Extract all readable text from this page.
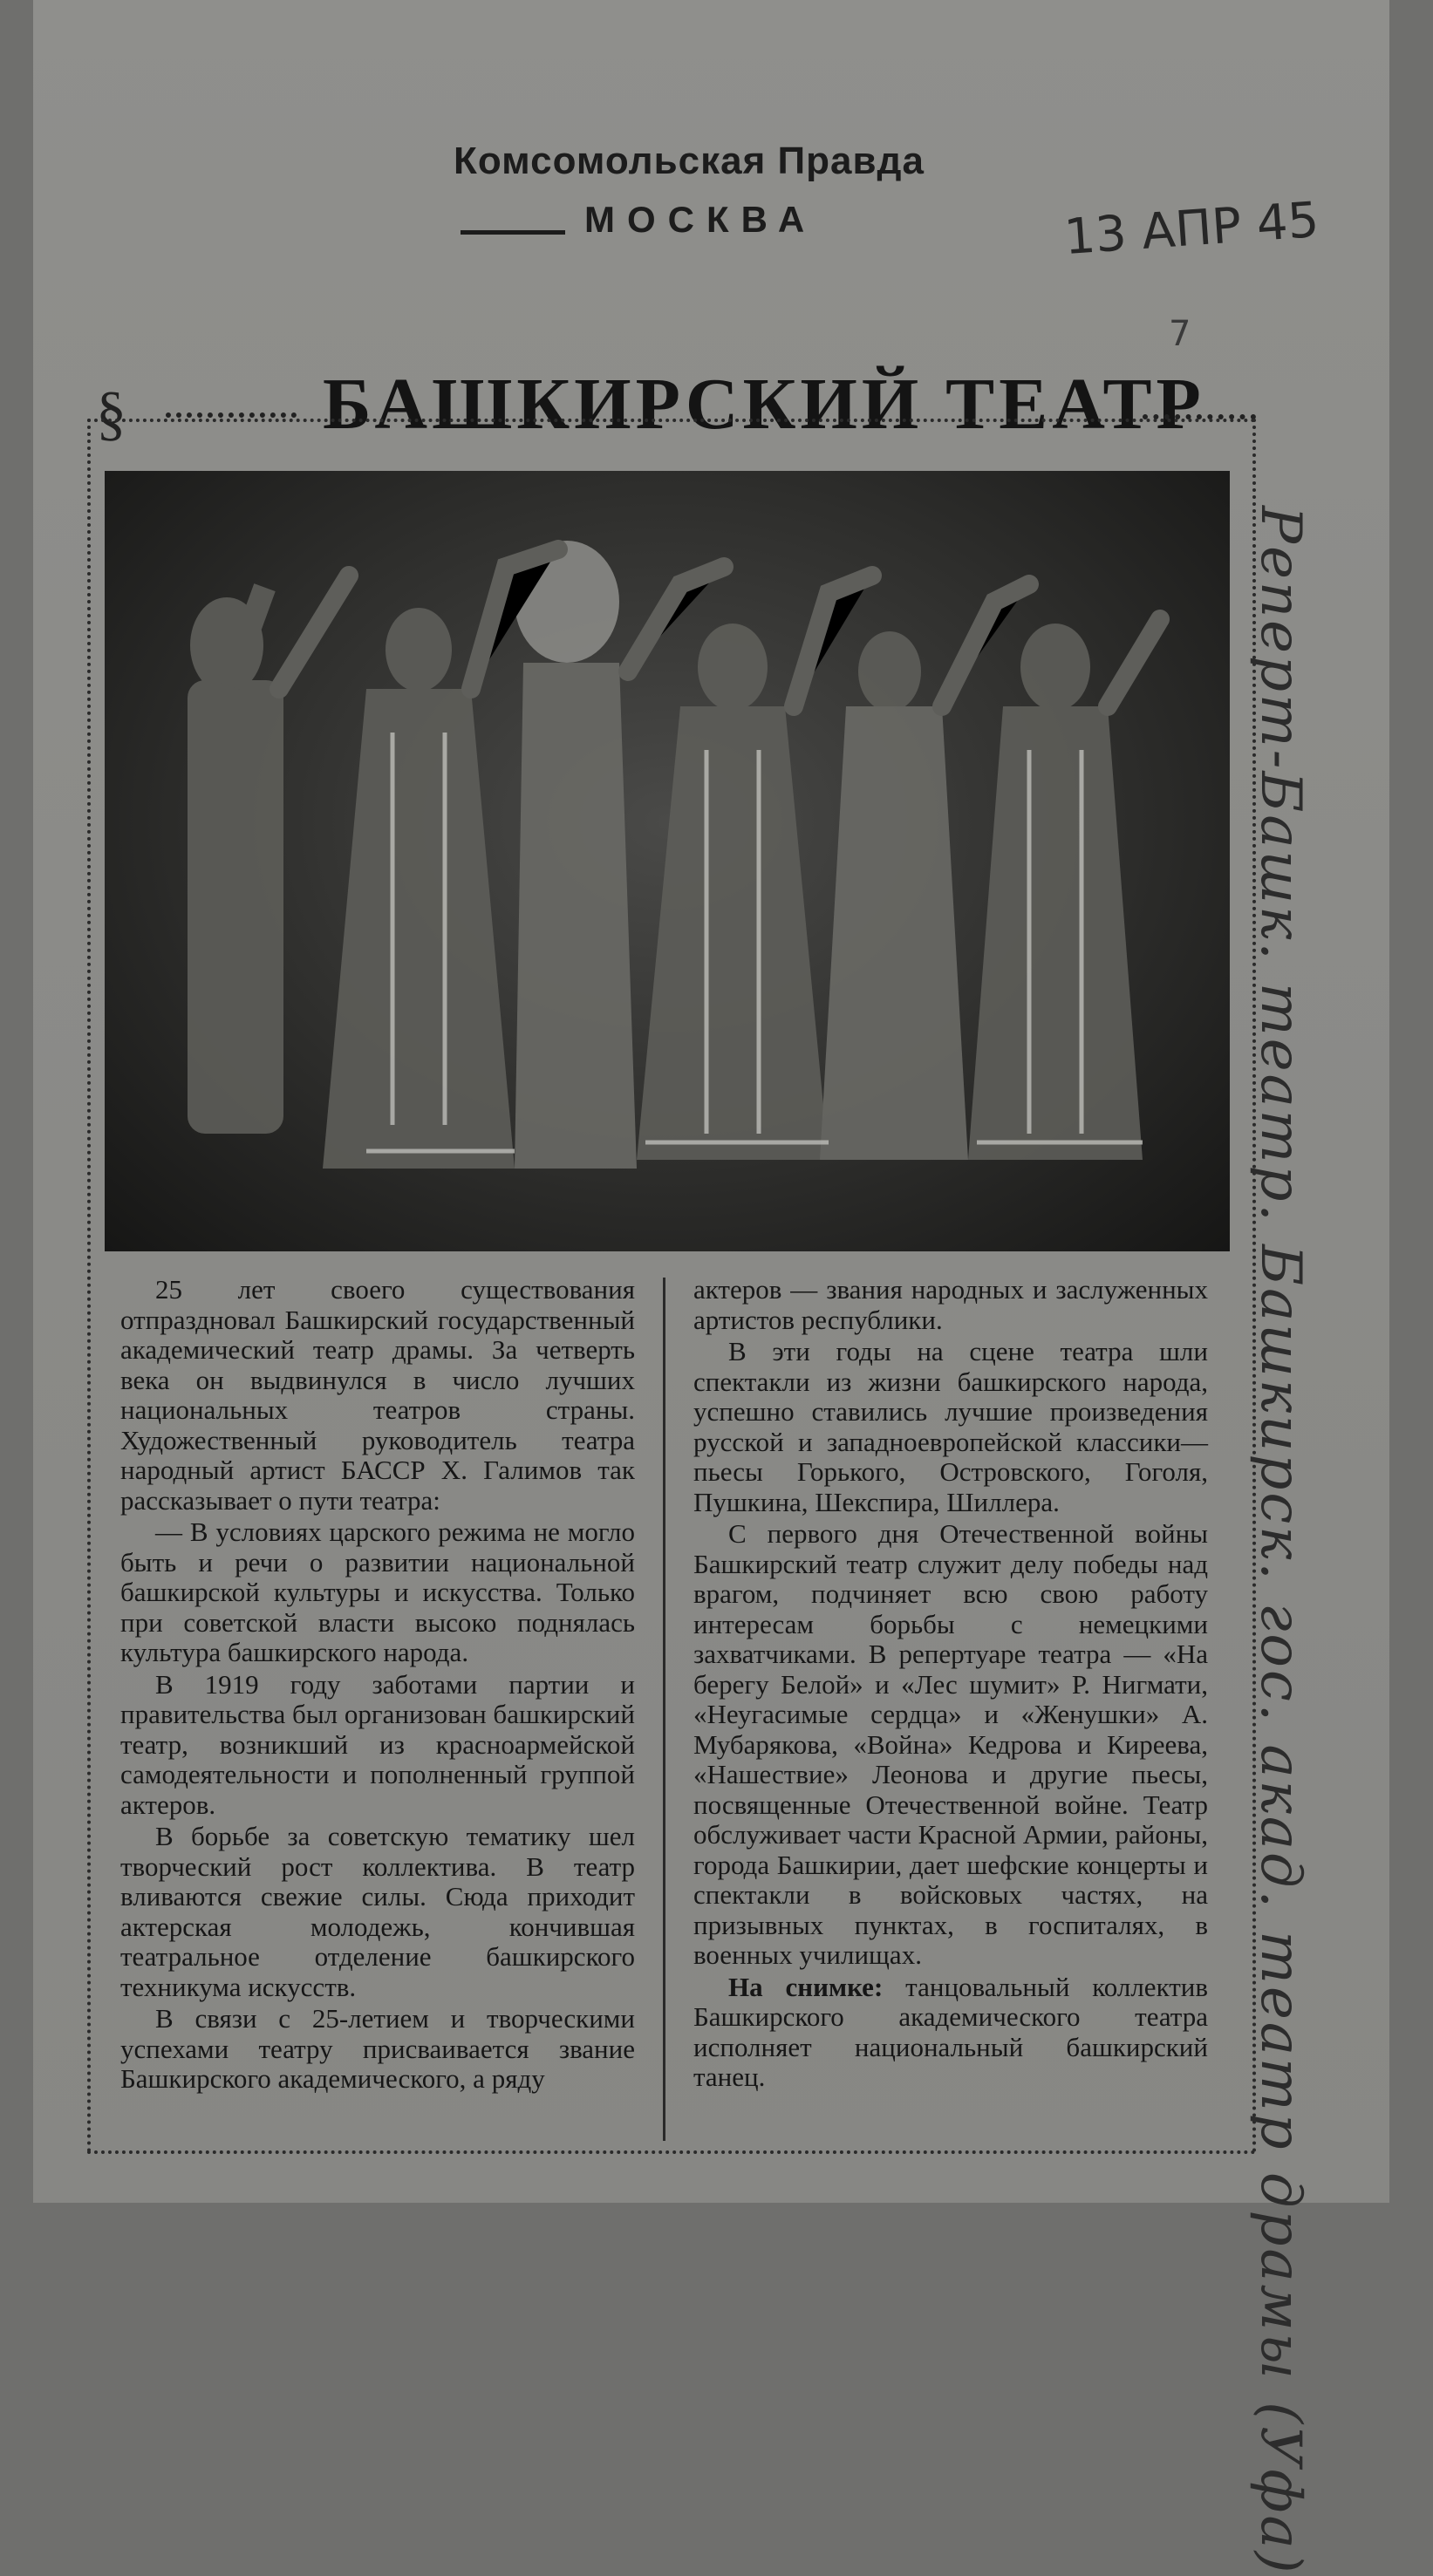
Комсомольская Правда
МОСКВА	13 АПР 45
7
§	БАШКИРСКИЙ ТЕАТР

25 лет своего существования отпраздновал Башкирский государственный академический театр драмы. За четверть века он выдвинулся в число лучших национальных театров страны. Художественный руководитель театра народный артист БАССР Х. Галимов так рассказывает о пути театра:

— В условиях царского режима не могло быть и речи о развитии национальной башкирской культуры и искусства. Только при советской власти высоко поднялась культура башкирского народа.

В 1919 году заботами партии и правительства был организован башкирский театр, возникший из красноармейской самодеятельности и пополненный группой актеров.

В борьбе за советскую тематику шел творческий рост коллектива. В театр вливаются свежие силы. Сюда приходит актерская молодежь, кончившая театральное отделение башкирского техникума искусств.

В связи с 25-летием и творческими успехами театру присваивается звание Башкирского академического, а ряду

актеров — звания народных и заслуженных артистов республики.

В эти годы на сцене театра шли спектакли из жизни башкирского народа, успешно ставились лучшие произведения русской и западноевропейской классики—пьесы Горького, Островского, Гоголя, Пушкина, Шекспира, Шиллера.

С первого дня Отечественной войны Башкирский театр служит делу победы над врагом, подчиняет всю свою работу интересам борьбы с немецкими захватчиками. В репертуаре театра — «На берегу Белой» и «Лес шумит» Р. Нигмати, «Неугасимые сердца» и «Женушки» А. Мубарякова, «Война» Кедрова и Киреева, «Нашествие» Леонова и другие пьесы, посвященные Отечественной войне. Театр обслуживает части Красной Армии, районы, города Башкирии, дает шефские концерты и спектакли в войсковых частях, на призывных пунктах, в госпиталях, в военных училищах.

На снимке: танцовальный коллектив Башкирского академического театра исполняет национальный башкирский танец.	Реперт-Башк. театр. Башкирск. гос. акад. театр драмы (Уфа)
